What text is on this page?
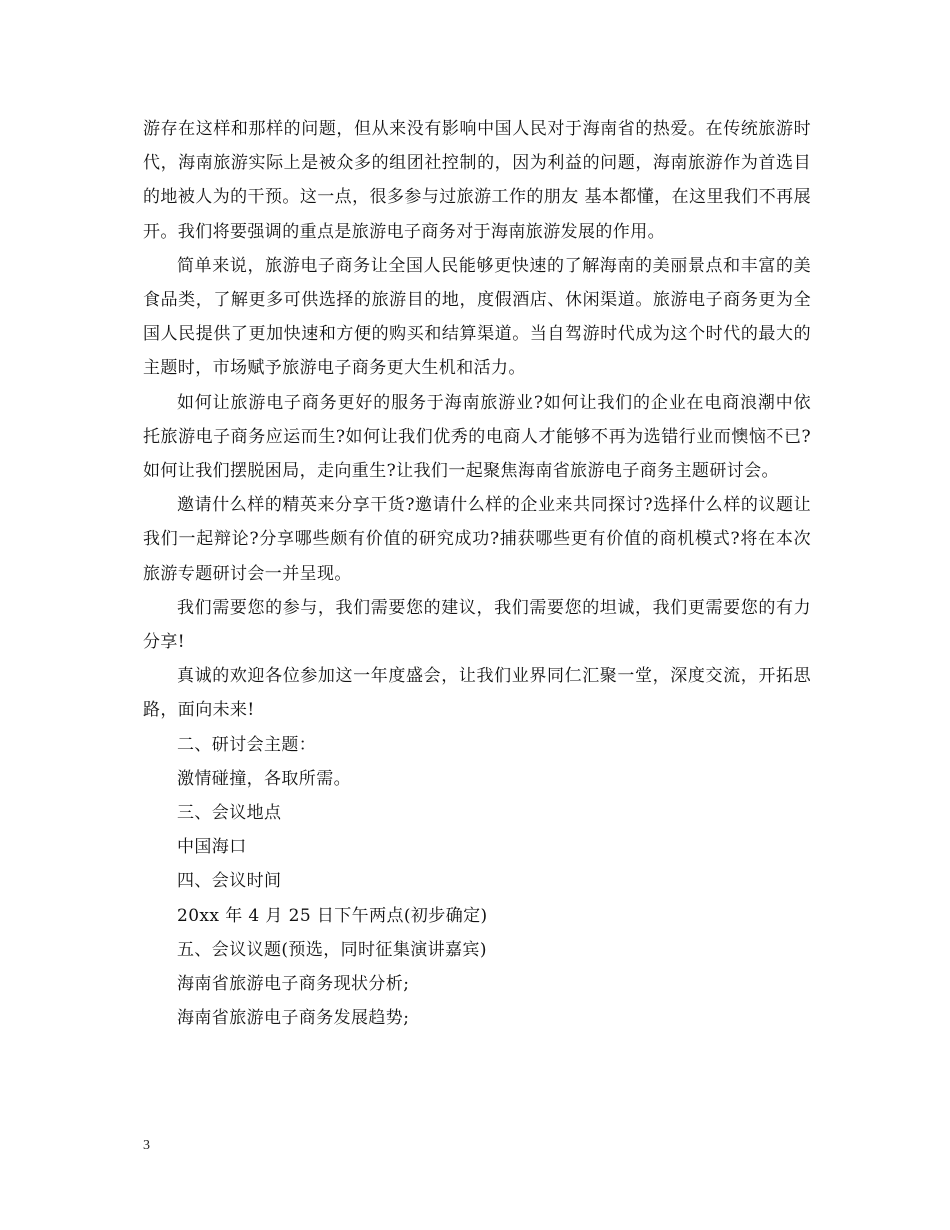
游存在这样和那样的问题，但从来没有影响中国人民对于海南省的热爱。在传统旅游时代，海南旅游实际上是被众多的组团社控制的，因为利益的问题，海南旅游作为首选目的地被人为的干预。这一点，很多参与过旅游工作的朋友 基本都懂，在这里我们不再展开。我们将要强调的重点是旅游电子商务对于海南旅游发展的作用。

简单来说，旅游电子商务让全国人民能够更快速的了解海南的美丽景点和丰富的美食品类，了解更多可供选择的旅游目的地，度假酒店、休闲渠道。旅游电子商务更为全国人民提供了更加快速和方便的购买和结算渠道。当自驾游时代成为这个时代的最大的主题时，市场赋予旅游电子商务更大生机和活力。

如何让旅游电子商务更好的服务于海南旅游业?如何让我们的企业在电商浪潮中依托旅游电子商务应运而生?如何让我们优秀的电商人才能够不再为选错行业而懊恼不已?如何让我们摆脱困局，走向重生?让我们一起聚焦海南省旅游电子商务主题研讨会。

邀请什么样的精英来分享干货?邀请什么样的企业来共同探讨?选择什么样的议题让我们一起辩论?分享哪些颇有价值的研究成功?捕获哪些更有价值的商机模式?将在本次旅游专题研讨会一并呈现。

我们需要您的参与，我们需要您的建议，我们需要您的坦诚，我们更需要您的有力分享!

真诚的欢迎各位参加这一年度盛会，让我们业界同仁汇聚一堂，深度交流，开拓思路，面向未来!

二、研讨会主题：

激情碰撞，各取所需。

三、会议地点

中国海口

四、会议时间

20xx 年 4 月 25 日下午两点(初步确定)

五、会议议题(预选，同时征集演讲嘉宾)

海南省旅游电子商务现状分析;

海南省旅游电子商务发展趋势;

3
